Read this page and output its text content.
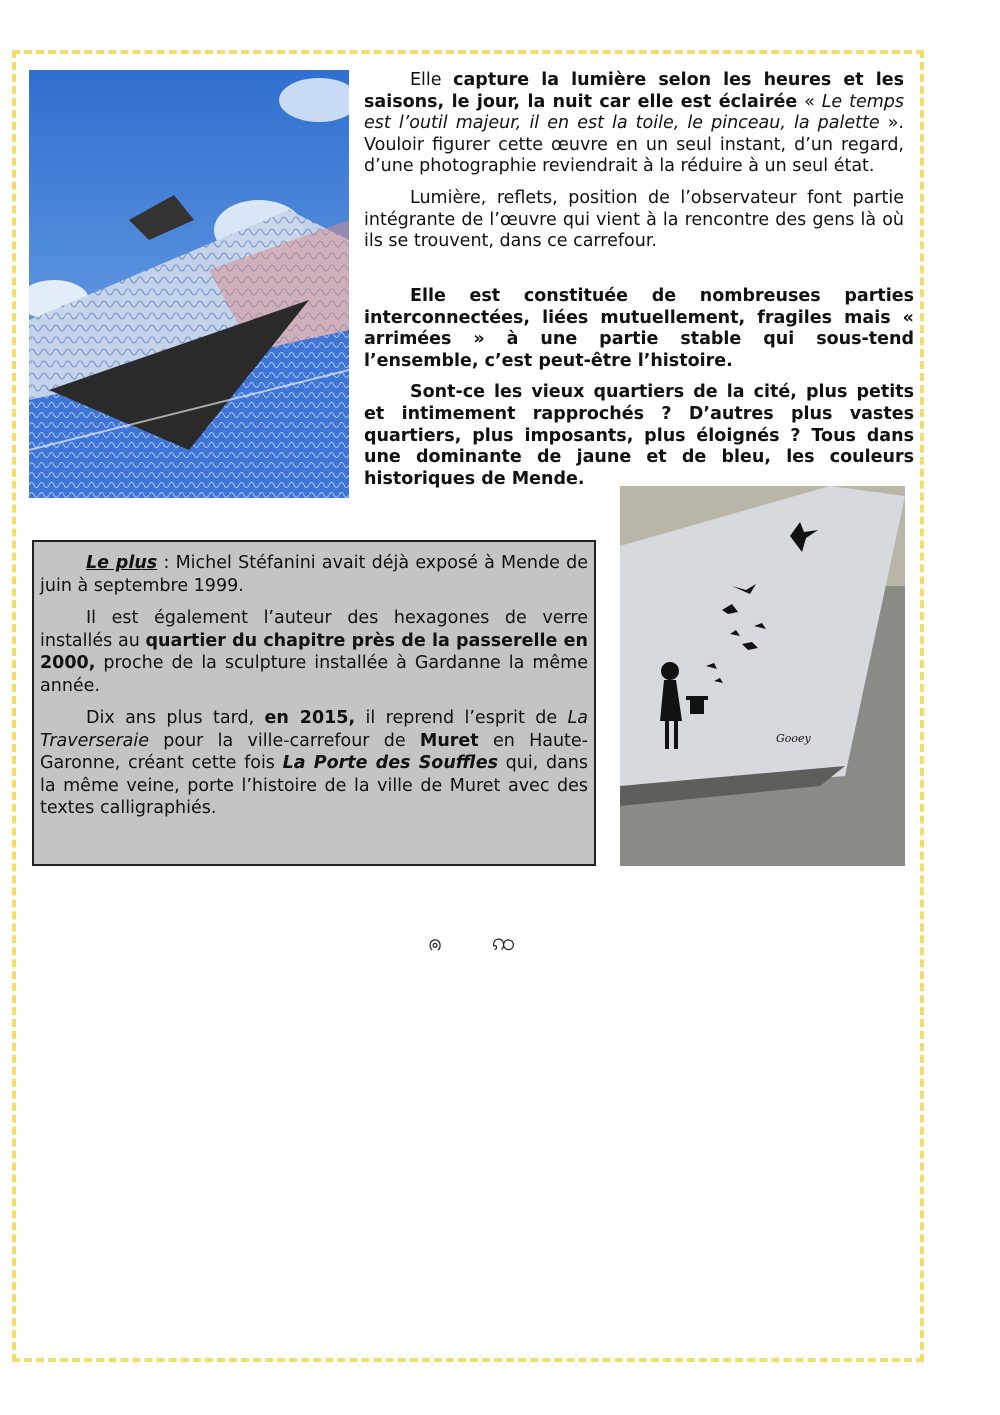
Elle capture la lumière selon les heures et les saisons, le jour, la nuit car elle est éclairée « Le temps est l’outil majeur, il en est la toile, le pinceau, la palette ». Vouloir figurer cette œuvre en un seul instant, d’un regard, d’une photographie reviendrait à la réduire à un seul état.

Lumière, reflets, position de l’observateur font partie intégrante de l’œuvre qui vient à la rencontre des gens là où ils se trouvent, dans ce carrefour.

Elle est constituée de nombreuses parties interconnectées, liées mutuellement, fragiles mais « arrimées » à une partie stable qui sous-tend l’ensemble, c’est peut-être l’histoire.

Sont-ce les vieux quartiers de la cité, plus petits et intimement rapprochés ? D’autres plus vastes quartiers, plus imposants, plus éloignés ? Tous dans une dominante de jaune et de bleu, les couleurs historiques de Mende.

Gooey

Le plus : Michel Stéfanini avait déjà exposé à Mende de juin à septembre 1999.

Il est également l’auteur des hexagones de verre installés au quartier du chapitre près de la passerelle en 2000, proche de la sculpture installée à Gardanne la même année.

Dix ans plus tard, en 2015, il reprend l’esprit de La Traverseraie pour la ville-carrefour de Muret en Haute-Garonne, créant cette fois La Porte des Souffles qui, dans la même veine, porte l’histoire de la ville de Muret avec des textes calligraphiés.

ၐ ꩡ
